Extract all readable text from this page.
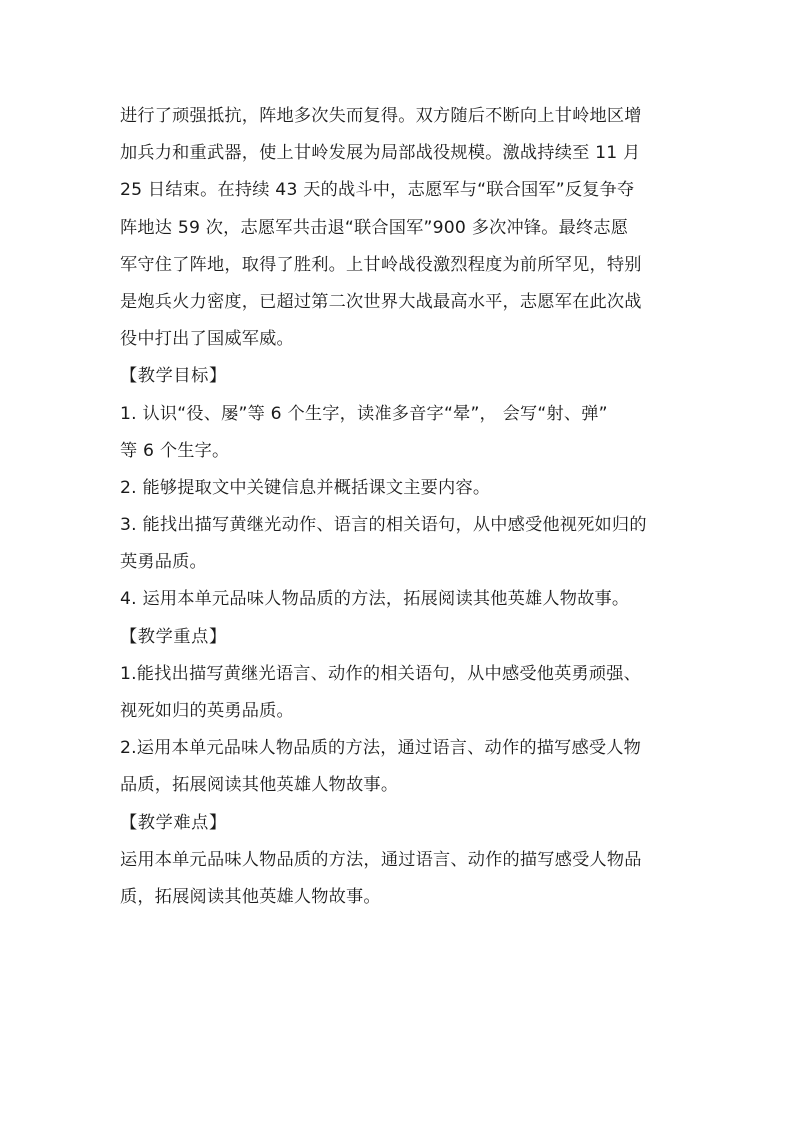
进行了顽强抵抗，阵地多次失而复得。双方随后不断向上甘岭地区增
加兵力和重武器，使上甘岭发展为局部战役规模。激战持续至 11 月
25 日结束。在持续 43 天的战斗中，志愿军与“联合国军”反复争夺
阵地达 59 次，志愿军共击退“联合国军”900 多次冲锋。最终志愿
军守住了阵地，取得了胜利。上甘岭战役激烈程度为前所罕见，特别
是炮兵火力密度，已超过第二次世界大战最高水平，志愿军在此次战
役中打出了国威军威。
【教学目标】
1. 认识“役、屡”等 6 个生字，读准多音字“晕”， 会写“射、弹”
等 6 个生字。
2. 能够提取文中关键信息并概括课文主要内容。
3. 能找出描写黄继光动作、语言的相关语句，从中感受他视死如归的
英勇品质。
4. 运用本单元品味人物品质的方法，拓展阅读其他英雄人物故事。
【教学重点】
1.能找出描写黄继光语言、动作的相关语句，从中感受他英勇顽强、
视死如归的英勇品质。
2.运用本单元品味人物品质的方法，通过语言、动作的描写感受人物
品质，拓展阅读其他英雄人物故事。
【教学难点】
运用本单元品味人物品质的方法，通过语言、动作的描写感受人物品
质，拓展阅读其他英雄人物故事。
